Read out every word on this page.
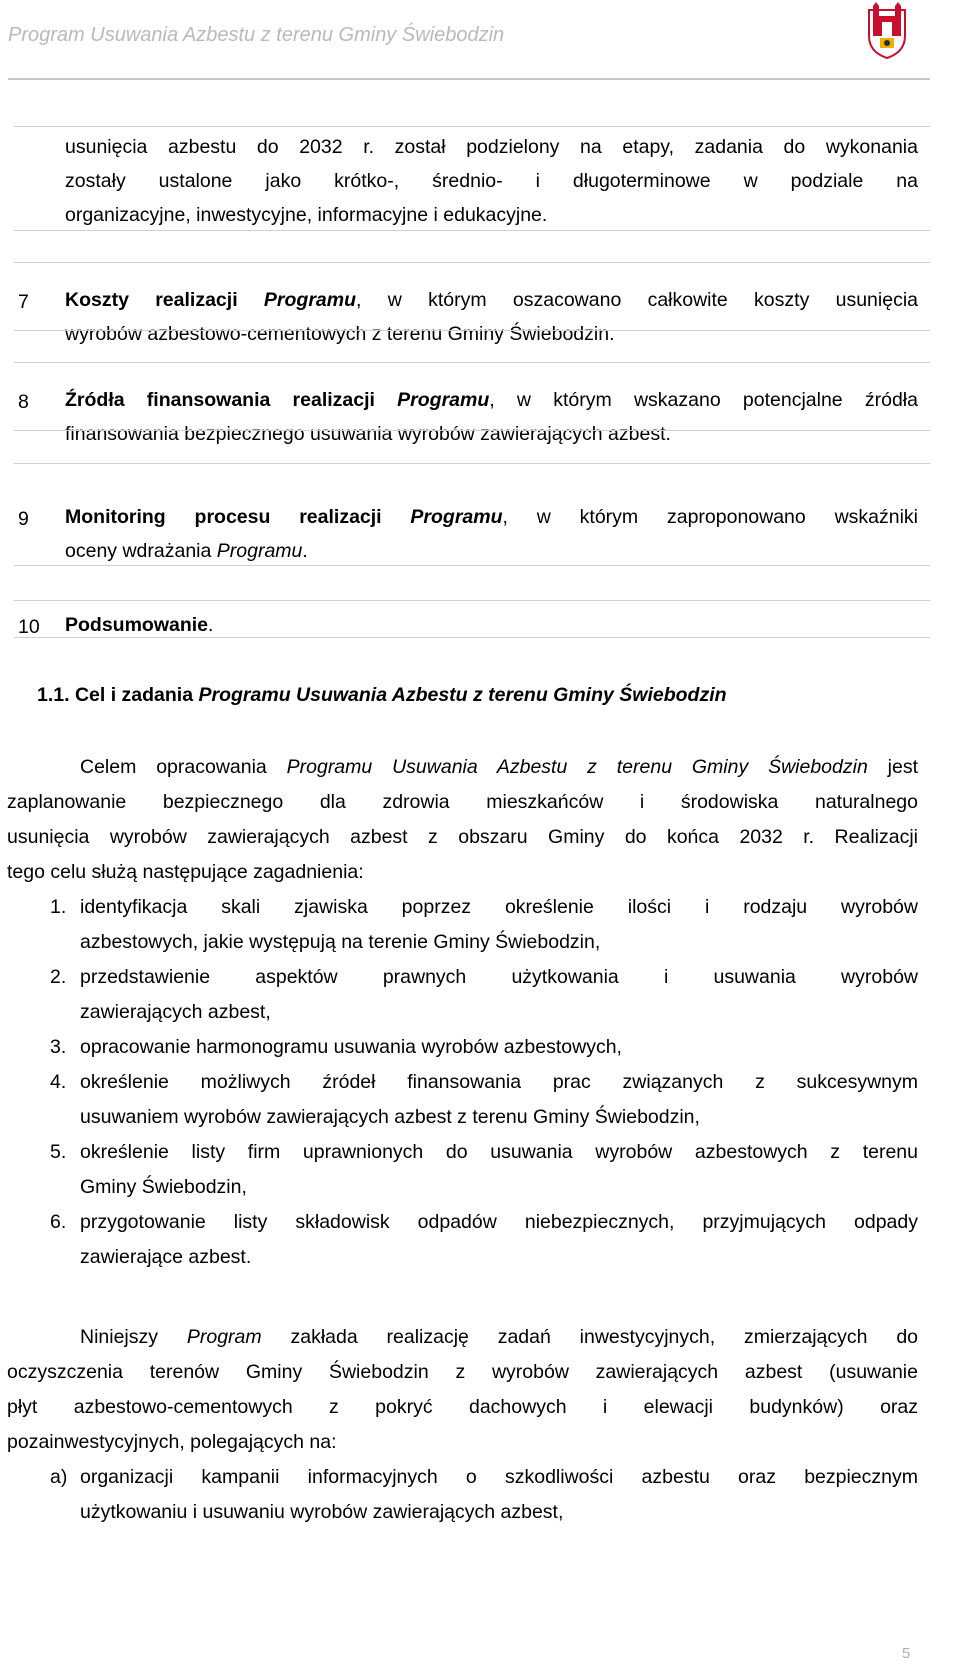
Program Usuwania Azbestu z terenu Gminy Świebodzin
usunięcia azbestu do 2032 r. został podzielony na etapy, zadania do wykonania
zostały ustalone jako krótko-, średnio- i długoterminowe w podziale na
organizacyjne, inwestycyjne, informacyjne i edukacyjne.
7 Koszty realizacji Programu, w którym oszacowano całkowite koszty usunięcia
wyrobów azbestowo-cementowych z terenu Gminy Świebodzin.
8 Źródła finansowania realizacji Programu, w którym wskazano potencjalne źródła
finansowania bezpiecznego usuwania wyrobów zawierających azbest.
9 Monitoring procesu realizacji Programu, w którym zaproponowano wskaźniki
oceny wdrażania Programu.
10 Podsumowanie.
1.1. Cel i zadania Programu Usuwania Azbestu z terenu Gminy Świebodzin
Celem opracowania Programu Usuwania Azbestu z terenu Gminy Świebodzin jest
zaplanowanie bezpiecznego dla zdrowia mieszkańców i środowiska naturalnego
usunięcia wyrobów zawierających azbest z obszaru Gminy do końca 2032 r. Realizacji
tego celu służą następujące zagadnienia:
1. identyfikacja skali zjawiska poprzez określenie ilości i rodzaju wyrobów
azbestowych, jakie występują na terenie Gminy Świebodzin,
2. przedstawienie aspektów prawnych użytkowania i usuwania wyrobów
zawierających azbest,
3. opracowanie harmonogramu usuwania wyrobów azbestowych,
4. określenie możliwych źródeł finansowania prac związanych z sukcesywnym
usuwaniem wyrobów zawierających azbest z terenu Gminy Świebodzin,
5. określenie listy firm uprawnionych do usuwania wyrobów azbestowych z terenu
Gminy Świebodzin,
6. przygotowanie listy składowisk odpadów niebezpiecznych, przyjmujących odpady
zawierające azbest.
Niniejszy Program zakłada realizację zadań inwestycyjnych, zmierzających do
oczyszczenia terenów Gminy Świebodzin z wyrobów zawierających azbest (usuwanie
płyt azbestowo-cementowych z pokryć dachowych i elewacji budynków) oraz
pozainwestycyjnych, polegających na:
a) organizacji kampanii informacyjnych o szkodliwości azbestu oraz bezpiecznym
użytkowaniu i usuwaniu wyrobów zawierających azbest,
5
